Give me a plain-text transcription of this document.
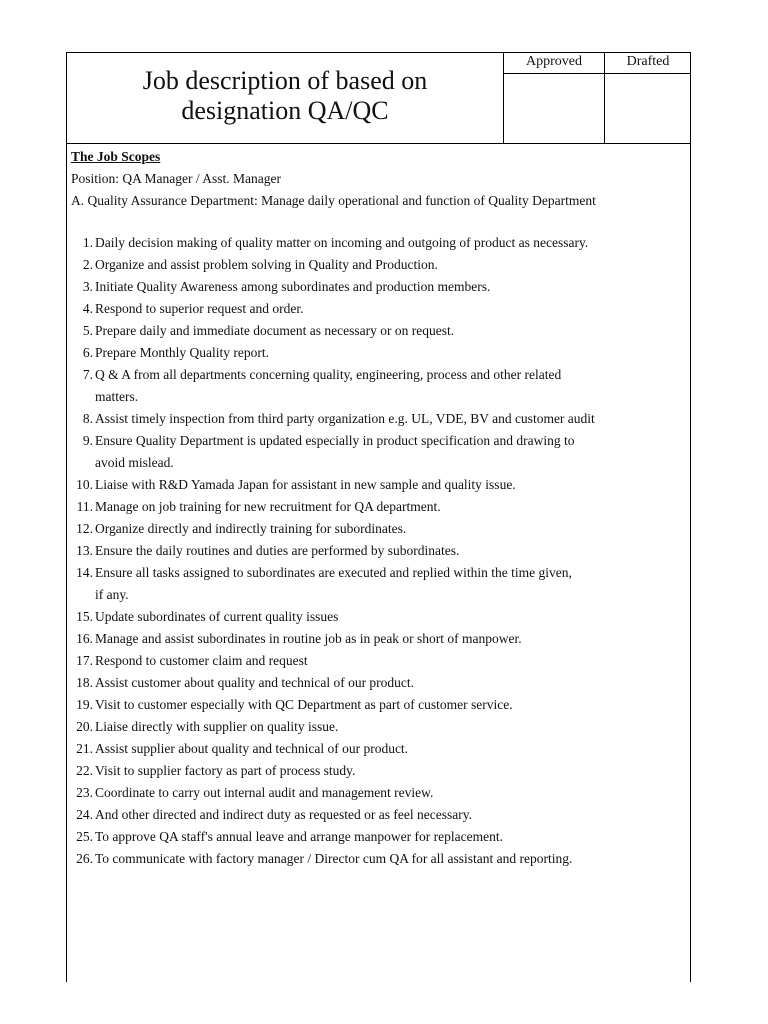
Job description of based on
designation QA/QC
Approved	Drafted
The Job Scopes
Position: QA Manager / Asst. Manager
A. Quality Assurance Department: Manage daily operational and function of Quality Department
1. Daily decision making of quality matter on incoming and outgoing of product as necessary.
2. Organize and assist problem solving in Quality and Production.
3. Initiate Quality Awareness among subordinates and production members.
4. Respond to superior request and order.
5. Prepare daily and immediate document as necessary or on request.
6. Prepare Monthly Quality report.
7. Q & A from all departments concerning quality, engineering, process and other related
matters.
8. Assist timely inspection from third party organization e.g. UL, VDE, BV and customer audit
9. Ensure Quality Department is updated especially in product specification and drawing to
avoid mislead.
10. Liaise with R&D Yamada Japan for assistant in new sample and quality issue.
11. Manage on job training for new recruitment for QA department.
12. Organize directly and indirectly training for subordinates.
13. Ensure the daily routines and duties are performed by subordinates.
14. Ensure all tasks assigned to subordinates are executed and replied within the time given,
if any.
15. Update subordinates of current quality issues
16. Manage and assist subordinates in routine job as in peak or short of manpower.
17. Respond to customer claim and request
18. Assist customer about quality and technical of our product.
19. Visit to customer especially with QC Department as part of customer service.
20. Liaise directly with supplier on quality issue.
21. Assist supplier about quality and technical of our product.
22. Visit to supplier factory as part of process study.
23. Coordinate to carry out internal audit and management review.
24. And other directed and indirect duty as requested or as feel necessary.
25. To approve QA staff's annual leave and arrange manpower for replacement.
26. To communicate with factory manager / Director cum QA for all assistant and reporting.
